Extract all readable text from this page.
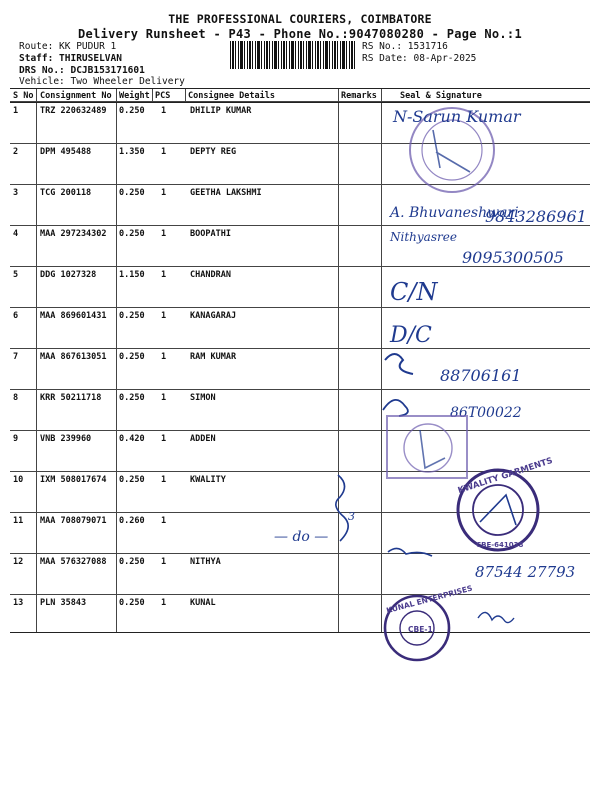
THE PROFESSIONAL COURIERS, COIMBATORE
Delivery Runsheet - P43 - Phone No.:9047080280 - Page No.:1
Route: KK PUDUR 1
Staff: THIRUSELVAN
DRS No.: DCJB153171601
Vehicle: Two Wheeler Delivery
RS No.: 1531716
RS Date: 08-Apr-2025
S No Consignment No Weight PCS Consignee Details	Remarks	Seal & Signature
1	TRZ 220632489 0.250 1	DHILIP KUMAR
2	DPM 495488	1.350 1	DEPTY REG
3	TCG 200118	0.250 1	GEETHA LAKSHMI
4	MAA 297234302 0.250 1	BOOPATHI
5	DDG 1027328	1.150 1	CHANDRAN
6	MAA 869601431 0.250 1	KANAGARAJ
7	MAA 867613051 0.250 1	RAM KUMAR
8	KRR 50211718 0.250 1	SIMON
9	VNB 239960	0.420 1	ADDEN
10 IXM 508017674 0.250 1	KWALITY
11 MAA 708079071 0.260 1
12 MAA 576327088 0.250 1	NITHYA
13 PLN 35843	0.250 1	KUNAL
N-Sarun Kumar
A. Bhuvaneshwari
9843286961
Nithyasree
9095300505
C/N
D/C
88706161
86T00022
KWALITY GARMENTS
CBE-641038
3
— do —
87544 27793
KUNAL ENTERPRISES
CBE-1
